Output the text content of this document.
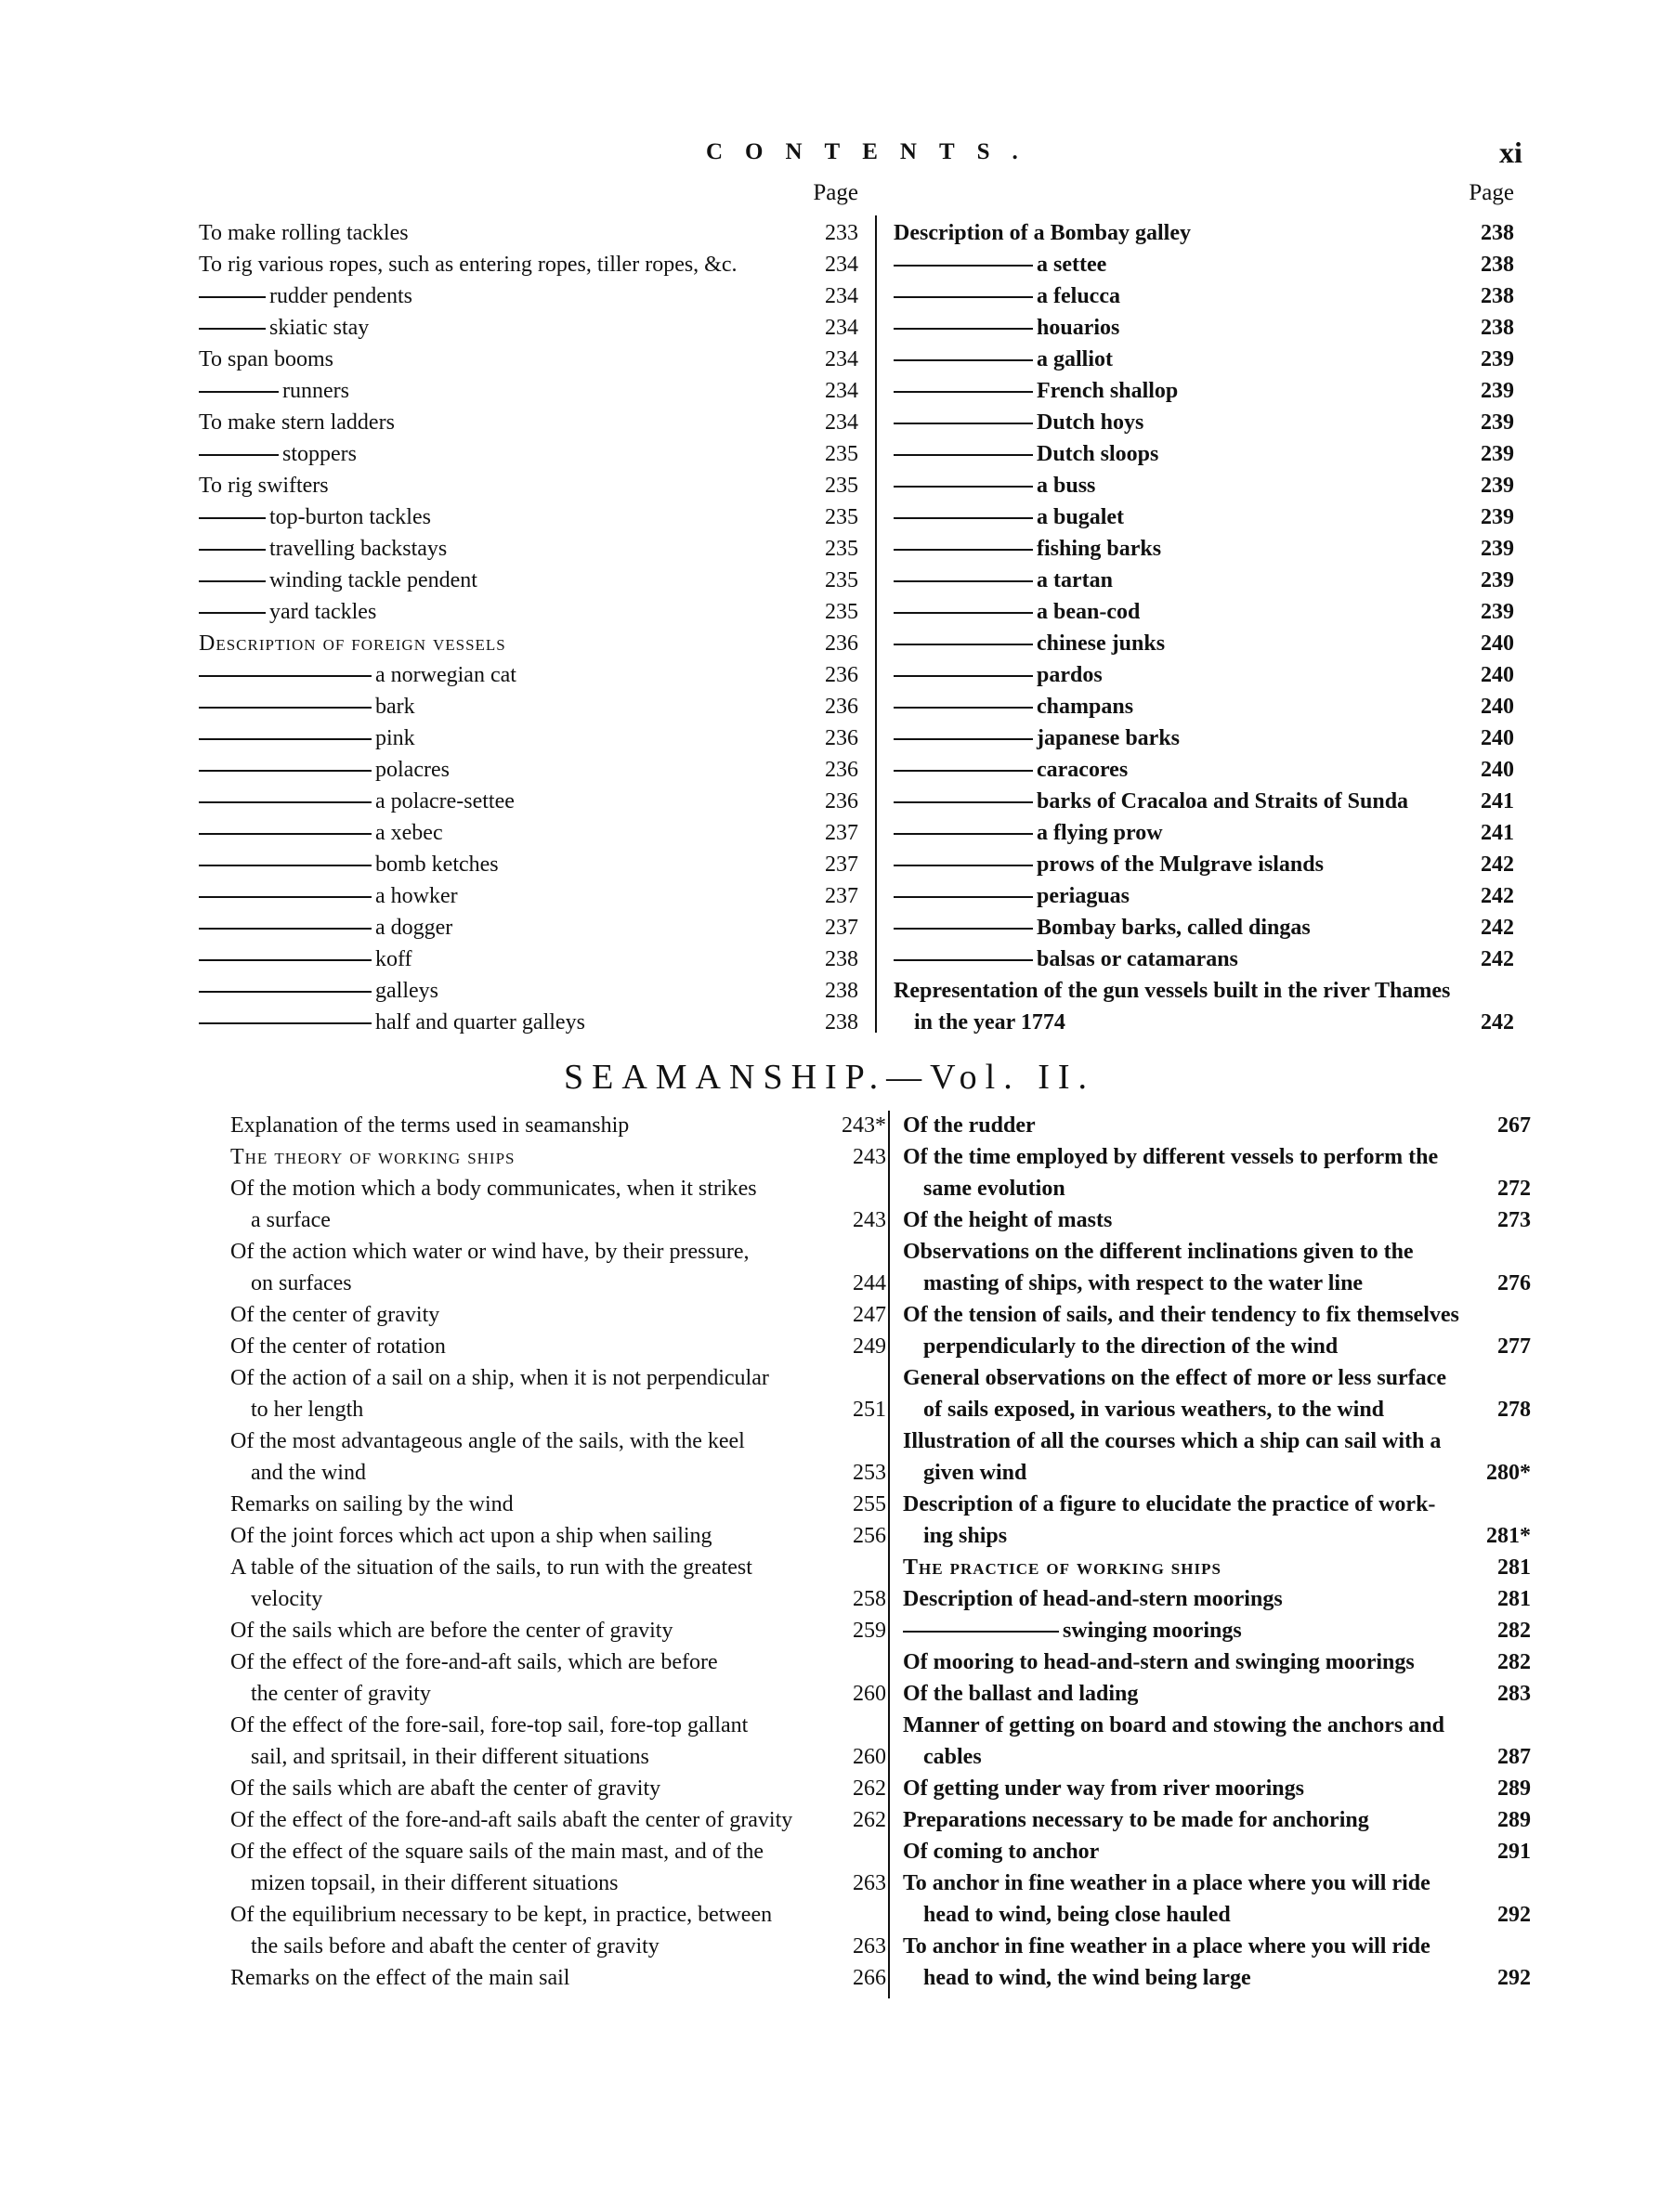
CONTENTS.	xi
Page
To make rolling tackles	233
To rig various ropes, such as entering ropes, tiller ropes, &c.	234
rudder pendents	234
skiatic stay	234
To span booms	234
runners	234
To make stern ladders	234
stoppers	235
To rig swifters	235
top-burton tackles	235
travelling backstays	235
winding tackle pendent	235
yard tackles	235
Description of foreign vessels	236
a norwegian cat	236
bark	236
pink	236
polacres	236
a polacre-settee	236
a xebec	237
bomb ketches	237
a howker	237
a dogger	237
koff	238
galleys	238
half and quarter galleys	238
Page
Description of a Bombay galley	238
a settee	238
a felucca	238
houarios	238
a galliot	239
French shallop	239
Dutch hoys	239
Dutch sloops	239
a buss	239
a bugalet	239
fishing barks	239
a tartan	239
a bean-cod	239
chinese junks	240
pardos	240
champans	240
japanese barks	240
caracores	240
barks of Cracaloa and Straits of Sunda	241
a flying prow	241
prows of the Mulgrave islands	242
periaguas	242
Bombay barks, called dingas	242
balsas or catamarans	242
Representation of the gun vessels built in the river Thames
in the year 1774	242
SEAMANSHIP.—Vol. II.
Explanation of the terms used in seamanship	243*
The theory of working ships	243
Of the motion which a body communicates, when it strikes
a surface	243
Of the action which water or wind have, by their pressure,
on surfaces	244
Of the center of gravity	247
Of the center of rotation	249
Of the action of a sail on a ship, when it is not perpendicular
to her length	251
Of the most advantageous angle of the sails, with the keel
and the wind	253
Remarks on sailing by the wind	255
Of the joint forces which act upon a ship when sailing	256
A table of the situation of the sails, to run with the greatest
velocity	258
Of the sails which are before the center of gravity	259
Of the effect of the fore-and-aft sails, which are before
the center of gravity	260
Of the effect of the fore-sail, fore-top sail, fore-top gallant
sail, and spritsail, in their different situations	260
Of the sails which are abaft the center of gravity	262
Of the effect of the fore-and-aft sails abaft the center of gravity	262
Of the effect of the square sails of the main mast, and of the
mizen topsail, in their different situations	263
Of the equilibrium necessary to be kept, in practice, between
the sails before and abaft the center of gravity	263
Remarks on the effect of the main sail	266
Of the rudder	267
Of the time employed by different vessels to perform the
same evolution	272
Of the height of masts	273
Observations on the different inclinations given to the
masting of ships, with respect to the water line	276
Of the tension of sails, and their tendency to fix themselves
perpendicularly to the direction of the wind	277
General observations on the effect of more or less surface
of sails exposed, in various weathers, to the wind	278
Illustration of all the courses which a ship can sail with a
given wind	280*
Description of a figure to elucidate the practice of work-
ing ships	281*
The practice of working ships	281
Description of head-and-stern moorings	281
swinging moorings	282
Of mooring to head-and-stern and swinging moorings	282
Of the ballast and lading	283
Manner of getting on board and stowing the anchors and
cables	287
Of getting under way from river moorings	289
Preparations necessary to be made for anchoring	289
Of coming to anchor	291
To anchor in fine weather in a place where you will ride
head to wind, being close hauled	292
To anchor in fine weather in a place where you will ride
head to wind, the wind being large	292
